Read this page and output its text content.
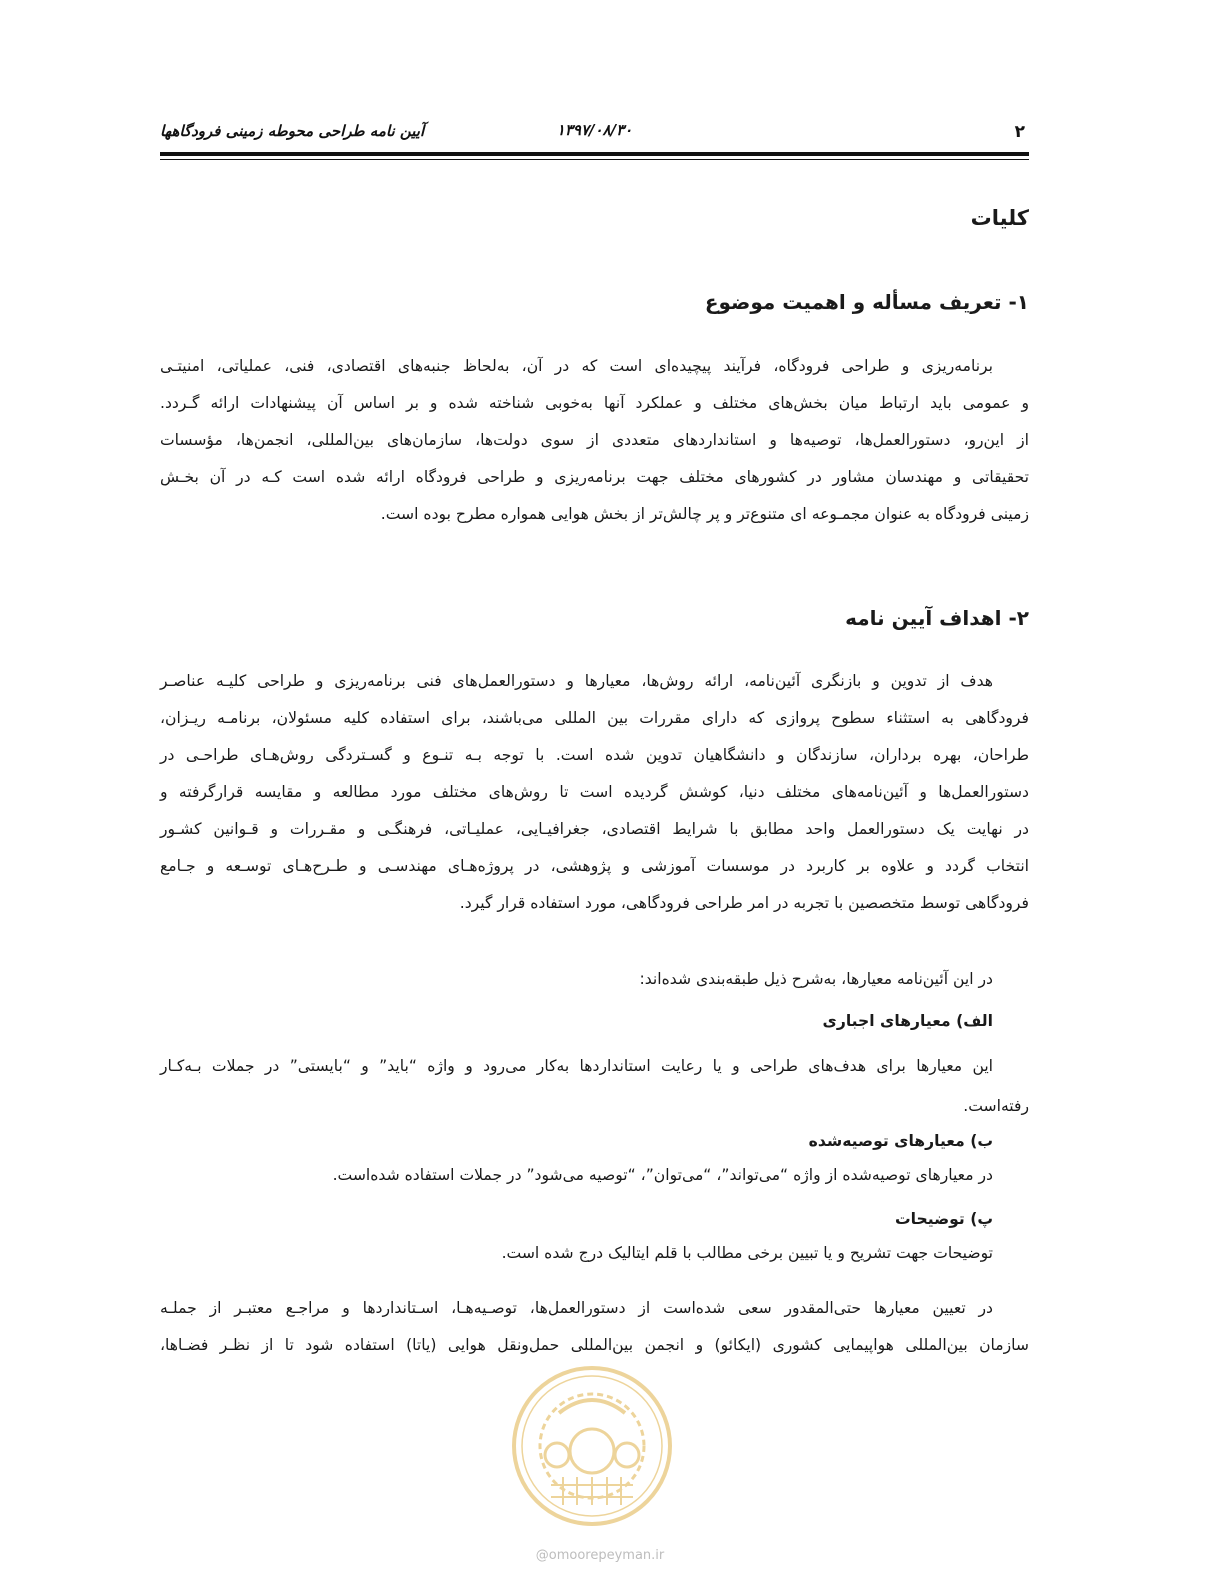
۲
۱۳۹۷/۰۸/۳۰
آیین نامه طراحی محوطه زمینی فرودگاهها
کلیات
۱- تعریف مسأله و اهمیت موضوع
برنامه‌ریزی و طراحی فرودگاه، فرآیند پیچیده‌ای است که در آن، به‌لحاظ جنبه‌های اقتصادی، فنی، عملیاتی، امنیتـی
و عمومی باید ارتباط میان بخش‌های مختلف و عملکرد آنها به‌خوبی شناخته شده و بر اساس آن پیشنهادات ارائه گـردد.
از این‌رو، دستورالعمل‌ها، توصیه‌ها و استانداردهای متعددی از سوی دولت‌ها، سازمان‌های بین‌المللی، انجمن‌ها، مؤسسات
تحقیقاتی و مهندسان مشاور در کشورهای مختلف جهت برنامه‌ریزی و طراحی فرودگاه ارائه شده است کـه در آن بخـش
زمینی فرودگاه به عنوان مجمـوعه ای متنوع‌تر و پر چالش‌تر از بخش هوایی همواره مطرح بوده است.
۲- اهداف آیین نامه
هدف از تدوین و بازنگری آئین‌نامه، ارائه روش‌ها، معیارها و دستورالعمل‌های فنی برنامه‌ریزی و طراحی کلیـه عناصـر
فرودگاهی به استثناء سطوح پروازی که دارای مقررات بین المللی می‌باشند، برای استفاده کلیه مسئولان، برنامـه ریـزان،
طراحان، بهره برداران، سازندگان و دانشگاهیان تدوین شده است. با توجه بـه تنـوع و گسـتردگی روش‌هـای طراحـی در
دستورالعمل‌ها و آئین‌نامه‌های مختلف دنیا، کوشش گردیده است تا روش‌های مختلف مورد مطالعه و مقایسه قرارگرفته و
در نهایت یک دستورالعمل واحد مطابق با شرایط اقتصادی، جغرافیـایی، عملیـاتی، فرهنگـی و مقـررات و قـوانین کشـور
انتخاب گردد و علاوه بر کاربرد در موسسات آموزشی و پژوهشی، در پروژه‌هـای مهندسـی و طـرح‌هـای توسـعه و جـامع
فرودگاهی توسط متخصصین با تجربه در امر طراحی فرودگاهی، مورد استفاده قرار گیرد.
در این آئین‌نامه معیارها، به‌شرح ذیل طبقه‌بندی شده‌اند:
الف) معیارهای اجباری
این معیارها برای هدف‌های طراحی و یا رعایت استانداردها به‌کار می‌رود و واژه “باید” و “بایستی” در جملات بـه‌کـار
رفته‌است.
ب) معیارهای توصیه‌شده
در معیارهای توصیه‌شده از واژه “می‌تواند”، “می‌توان”، “توصیه می‌شود” در جملات استفاده شده‌است.
پ) توضیحات
توضیحات جهت تشریح و یا تبیین برخی مطالب با قلم ایتالیک درج شده است.
در تعیین معیارها حتی‌المقدور سعی شده‌است از دستورالعمل‌ها، توصـیه‌هـا، اسـتانداردها و مراجـع معتبـر از جملـه
سازمان بین‌المللی هواپیمایی کشوری (ایکائو) و انجمن بین‌المللی حمل‌ونقل هوایی (یاتا) استفاده شود تا از نظـر فضـاها،
@omoorepeyman.ir
